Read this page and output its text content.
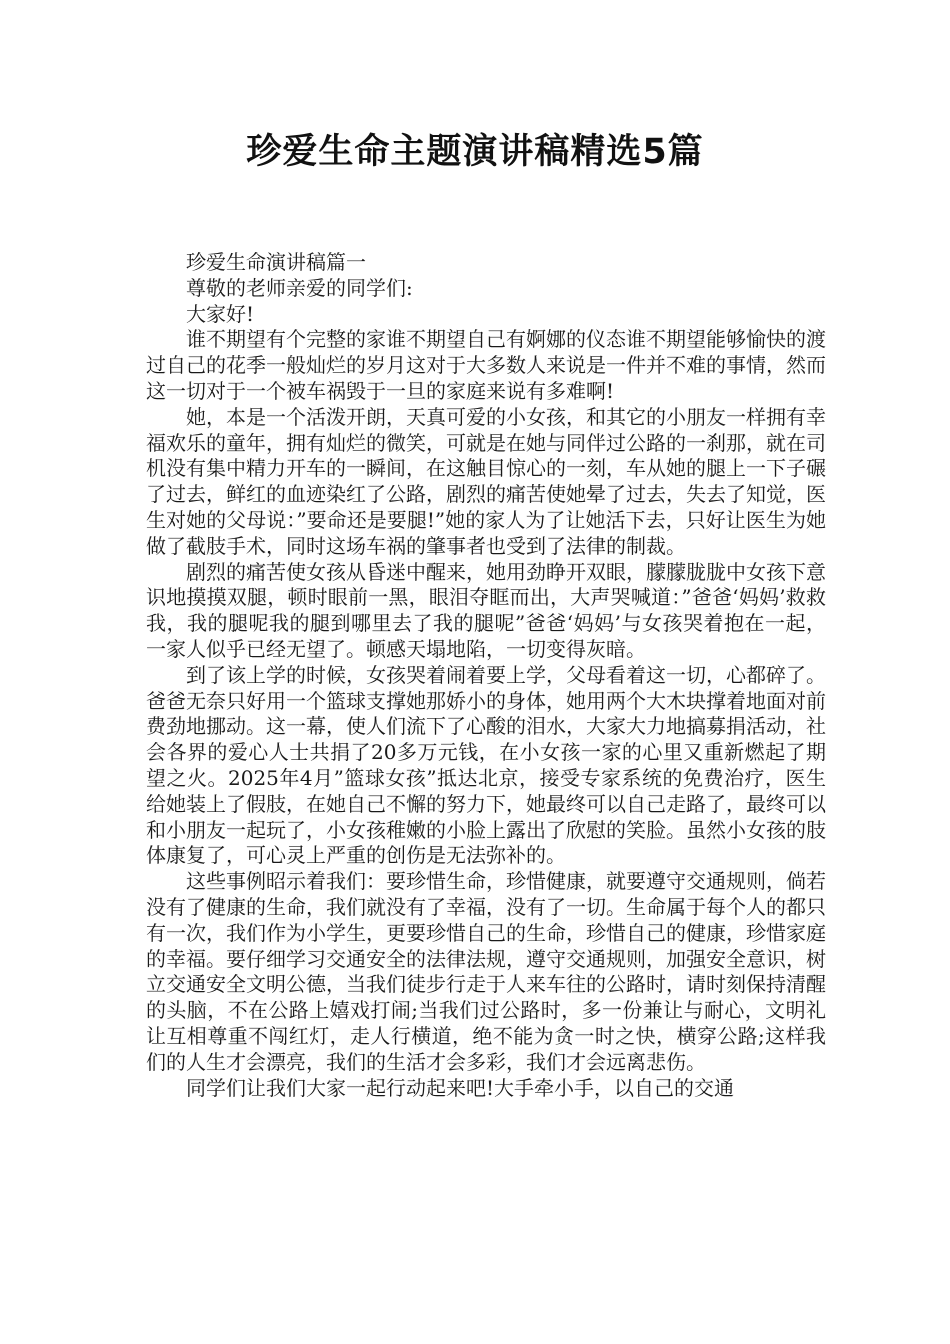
珍爱生命主题演讲稿精选5篇

珍爱生命演讲稿篇一

尊敬的老师亲爱的同学们:

大家好!

谁不期望有个完整的家谁不期望自己有婀娜的仪态谁不期望能够愉快的渡过自己的花季一般灿烂的岁月这对于大多数人来说是一件并不难的事情，然而这一切对于一个被车祸毁于一旦的家庭来说有多难啊!

她，本是一个活泼开朗，天真可爱的小女孩，和其它的小朋友一样拥有幸福欢乐的童年，拥有灿烂的微笑，可就是在她与同伴过公路的一刹那，就在司机没有集中精力开车的一瞬间，在这触目惊心的一刻，车从她的腿上一下子碾了过去，鲜红的血迹染红了公路，剧烈的痛苦使她晕了过去，失去了知觉，医生对她的父母说：”要命还是要腿!”她的家人为了让她活下去，只好让医生为她做了截肢手术，同时这场车祸的肇事者也受到了法律的制裁。

剧烈的痛苦使女孩从昏迷中醒来，她用劲睁开双眼，朦朦胧胧中女孩下意识地摸摸双腿，顿时眼前一黑，眼泪夺眶而出，大声哭喊道：”爸爸‘妈妈’救救我，我的腿呢我的腿到哪里去了我的腿呢”爸爸‘妈妈’与女孩哭着抱在一起，一家人似乎已经无望了。顿感天塌地陷，一切变得灰暗。

到了该上学的时候，女孩哭着闹着要上学，父母看着这一切，心都碎了。爸爸无奈只好用一个篮球支撑她那娇小的身体，她用两个大木块撑着地面对前费劲地挪动。这一幕，使人们流下了心酸的泪水，大家大力地搞募捐活动，社会各界的爱心人士共捐了20多万元钱，在小女孩一家的心里又重新燃起了期望之火。2025年4月”篮球女孩”抵达北京，接受专家系统的免费治疗，医生给她装上了假肢，在她自己不懈的努力下，她最终可以自己走路了，最终可以和小朋友一起玩了，小女孩稚嫩的小脸上露出了欣慰的笑脸。虽然小女孩的肢体康复了，可心灵上严重的创伤是无法弥补的。

这些事例昭示着我们：要珍惜生命，珍惜健康，就要遵守交通规则，倘若没有了健康的生命，我们就没有了幸福，没有了一切。生命属于每个人的都只有一次，我们作为小学生，更要珍惜自己的生命，珍惜自己的健康，珍惜家庭的幸福。要仔细学习交通安全的法律法规，遵守交通规则，加强安全意识，树立交通安全文明公德，当我们徒步行走于人来车往的公路时，请时刻保持清醒的头脑，不在公路上嬉戏打闹;当我们过公路时，多一份兼让与耐心，文明礼让互相尊重不闯红灯，走人行横道，绝不能为贪一时之快，横穿公路;这样我们的人生才会漂亮，我们的生活才会多彩，我们才会远离悲伤。

同学们让我们大家一起行动起来吧!大手牵小手，以自己的交通
